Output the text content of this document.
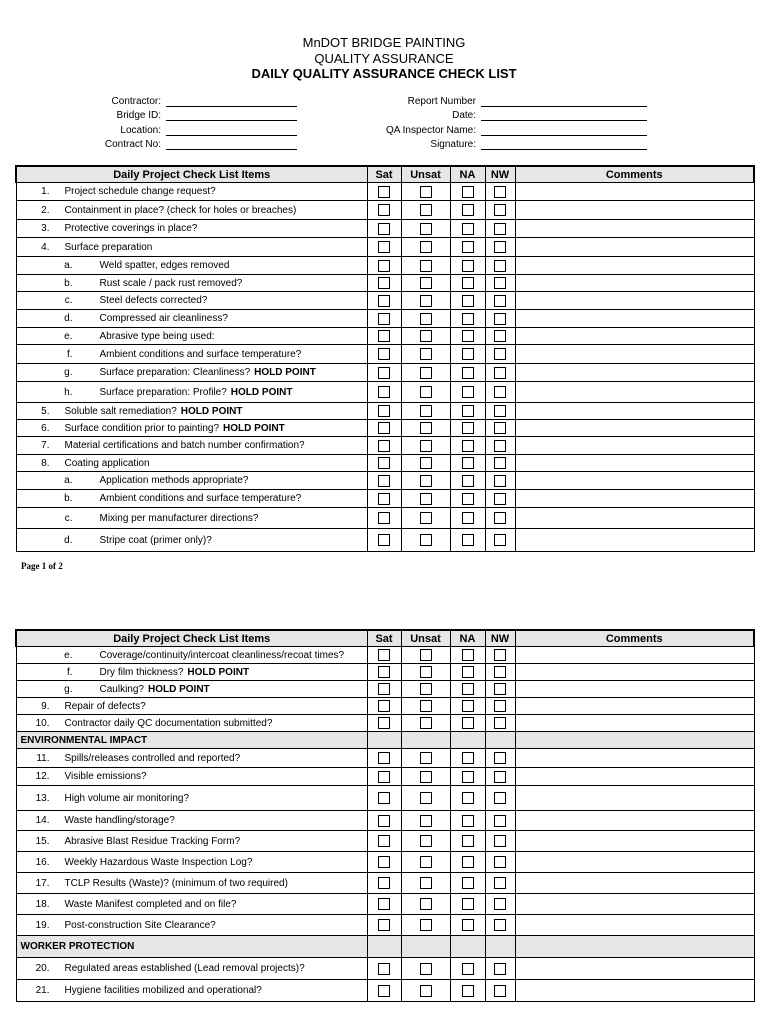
MnDOT BRIDGE PAINTING
QUALITY ASSURANCE
DAILY QUALITY ASSURANCE CHECK LIST
Contractor:
Bridge ID:
Location:
Contract No:
Report Number
Date:
QA Inspector Name:
Signature:
Daily Project Check List Items	Sat	Unsat	NA	NW	Comments
1. Project schedule change request?					
2. Containment in place? (check for holes or breaches)					
3. Protective coverings in place?					
4. Surface preparation					
a. Weld spatter, edges removed					
b. Rust scale / pack rust removed?					
c. Steel defects corrected?					
d. Compressed air cleanliness?					
e. Abrasive type being used:					
f. Ambient conditions and surface temperature?					
g. Surface preparation: Cleanliness? HOLD POINT					
h. Surface preparation: Profile? HOLD POINT					
5. Soluble salt remediation? HOLD POINT					
6. Surface condition prior to painting? HOLD POINT					
7. Material certifications and batch number confirmation?					
8. Coating application					
a. Application methods appropriate?					
b. Ambient conditions and surface temperature?					
c. Mixing per manufacturer directions?					
d. Stripe coat (primer only)?					
Page 1 of 2
Daily Project Check List Items	Sat	Unsat	NA	NW	Comments
e. Coverage/continuity/intercoat cleanliness/recoat times?					
f. Dry film thickness? HOLD POINT					
g. Caulking? HOLD POINT					
9. Repair of defects?					
10. Contractor daily QC documentation submitted?					
ENVIRONMENTAL IMPACT					
11. Spills/releases controlled and reported?					
12. Visible emissions?					
13. High volume air monitoring?					
14. Waste handling/storage?					
15. Abrasive Blast Residue Tracking Form?					
16. Weekly Hazardous Waste Inspection Log?					
17. TCLP Results (Waste)? (minimum of two required)					
18. Waste Manifest completed and on file?					
19. Post-construction Site Clearance?					
WORKER PROTECTION					
20. Regulated areas established (Lead removal projects)?					
21. Hygiene facilities mobilized and operational?					
